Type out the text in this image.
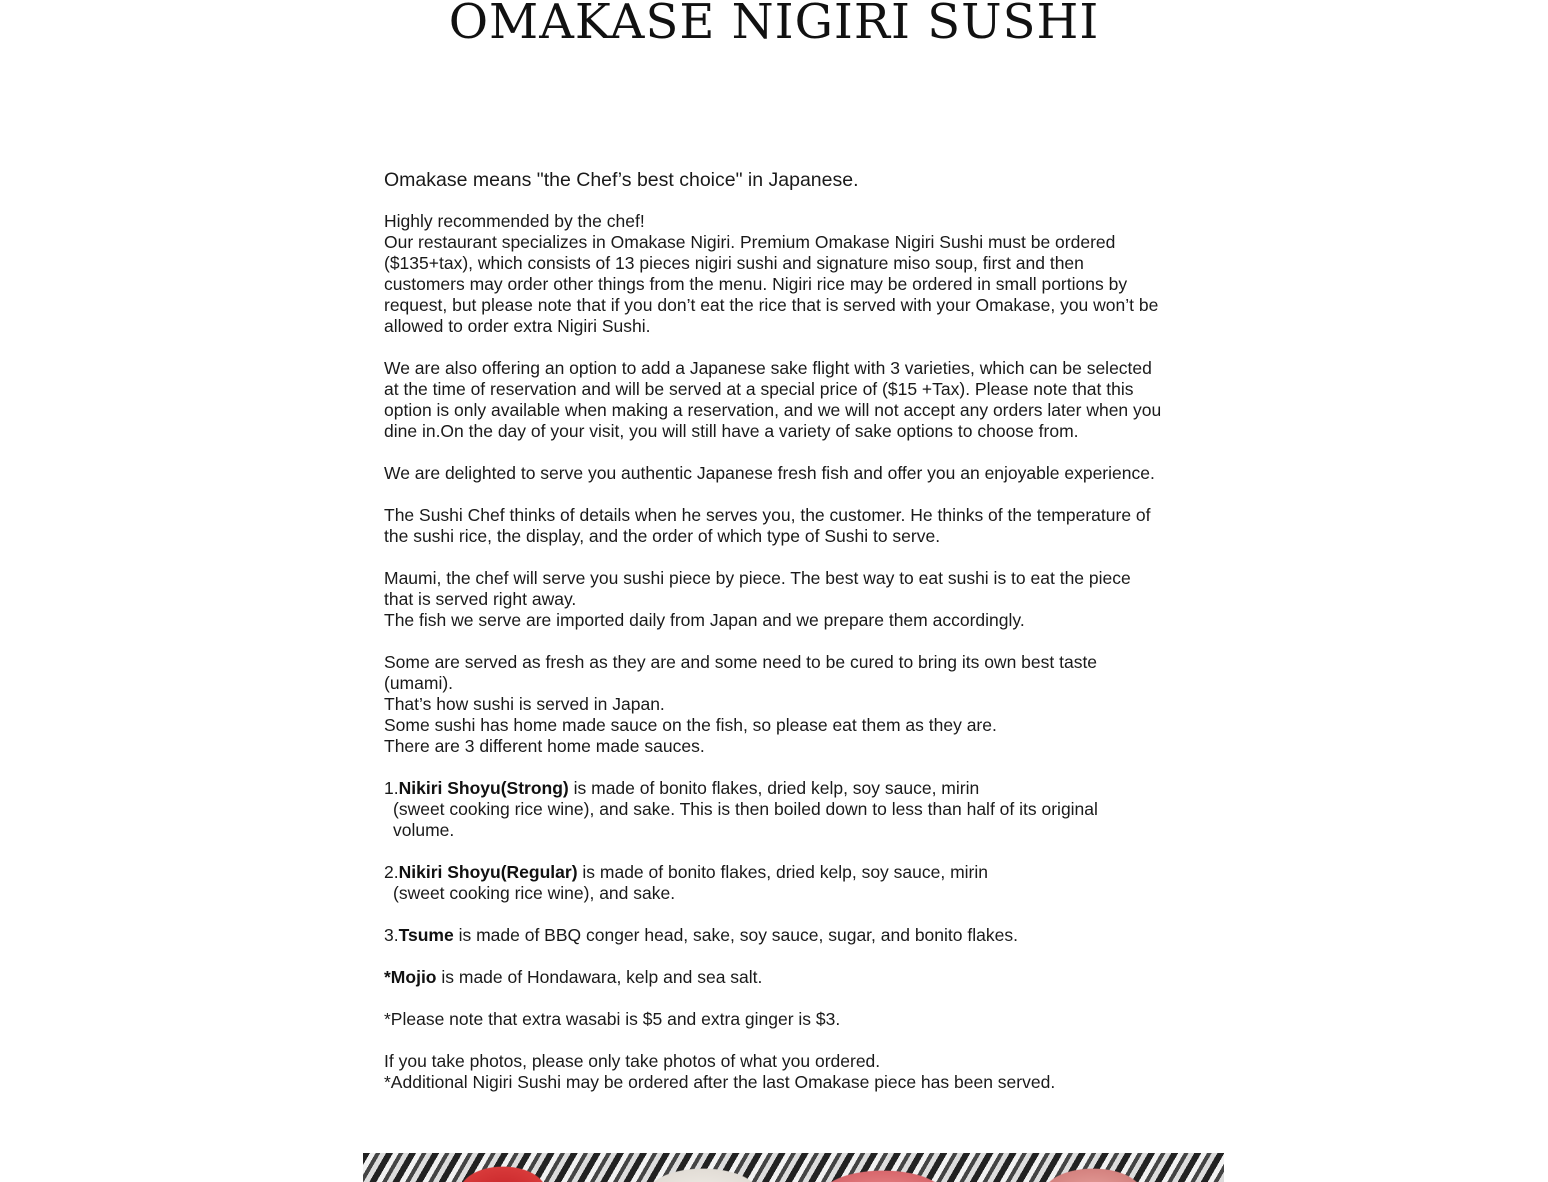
OMAKASE NIGIRI SUSHI

Omakase means "the Chef’s best choice" in Japanese.

Highly recommended by the chef!

Our restaurant specializes in Omakase Nigiri. Premium Omakase Nigiri Sushi must be ordered ($135+tax), which consists of 13 pieces nigiri sushi and signature miso soup, first and then customers may order other things from the menu. Nigiri rice may be ordered in small portions by request, but please note that if you don’t eat the rice that is served with your Omakase, you won’t be allowed to order extra Nigiri Sushi.

We are also offering an option to add a Japanese sake flight with 3 varieties, which can be selected at the time of reservation and will be served at a special price of ($15 +Tax). Please note that this option is only available when making a reservation, and we will not accept any orders later when you dine in.On the day of your visit, you will still have a variety of sake options to choose from.

We are delighted to serve you authentic Japanese fresh fish and offer you an enjoyable experience.

The Sushi Chef thinks of details when he serves you, the customer. He thinks of the temperature of the sushi rice, the display, and the order of which type of Sushi to serve.

Maumi, the chef will serve you sushi piece by piece. The best way to eat sushi is to eat the piece that is served right away.

The fish we serve are imported daily from Japan and we prepare them accordingly.

Some are served as fresh as they are and some need to be cured to bring its own best taste (umami).

That’s how sushi is served in Japan.

Some sushi has home made sauce on the fish, so please eat them as they are.

There are 3 different home made sauces.

1.Nikiri Shoyu(Strong) is made of bonito flakes, dried kelp, soy sauce, mirin

(sweet cooking rice wine), and sake. This is then boiled down to less than half of its original volume.

2.Nikiri Shoyu(Regular) is made of bonito flakes, dried kelp, soy sauce, mirin

(sweet cooking rice wine), and sake.

3.Tsume is made of BBQ conger head, sake, soy sauce, sugar, and bonito flakes.

*Mojio is made of Hondawara, kelp and sea salt.

*Please note that extra wasabi is $5 and extra ginger is $3.

If you take photos, please only take photos of what you ordered.

*Additional Nigiri Sushi may be ordered after the last Omakase piece has been served.
